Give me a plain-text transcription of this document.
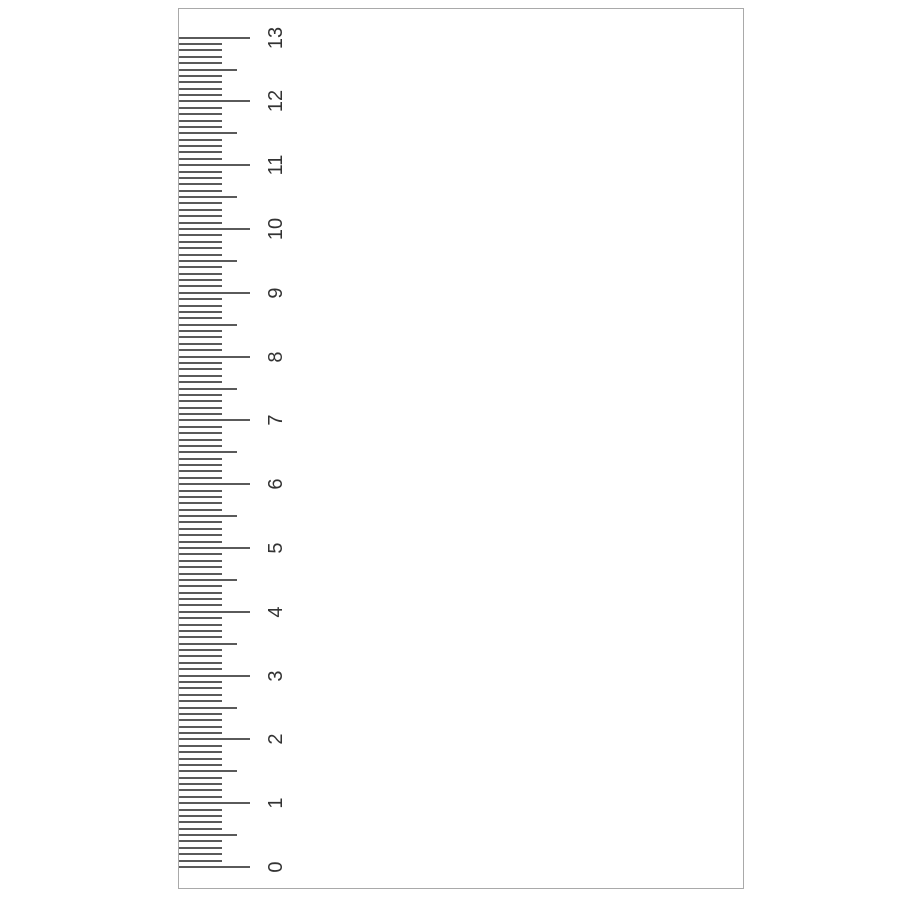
0
1
2
3
4
5
6
7
8
9
10
11
12
13
